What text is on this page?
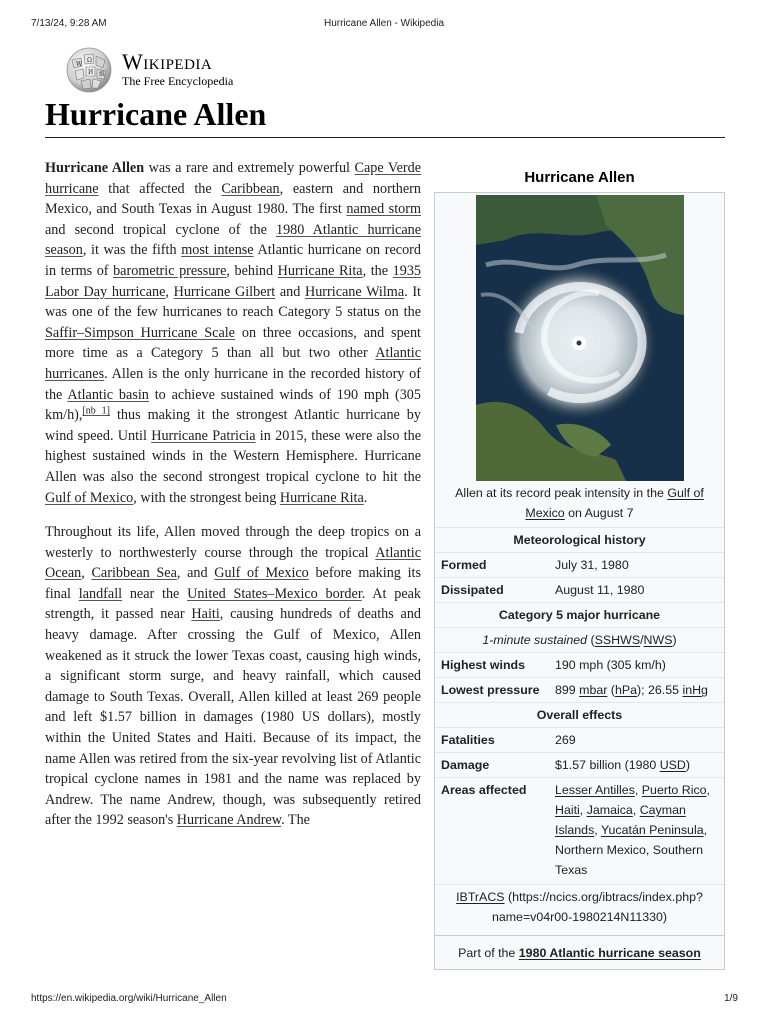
7/13/24, 9:28 AM	Hurricane Allen - Wikipedia
W
Ω
И 維
Wikipedia
The Free Encyclopedia
Hurricane Allen

Hurricane Allen was a rare and extremely powerful Cape Verde hurricane that affected the Caribbean, eastern and northern Mexico, and South Texas in August 1980. The first named storm and second tropical cyclone of the 1980 Atlantic hurricane season, it was the fifth most intense Atlantic hurricane on record in terms of barometric pressure, behind Hurricane Rita, the 1935 Labor Day hurricane, Hurricane Gilbert and Hurricane Wilma. It was one of the few hurricanes to reach Category 5 status on the Saffir–Simpson Hurricane Scale on three occasions, and spent more time as a Category 5 than all but two other Atlantic hurricanes. Allen is the only hurricane in the recorded history of the Atlantic basin to achieve sustained winds of 190 mph (305 km/h),[nb 1] thus making it the strongest Atlantic hurricane by wind speed. Until Hurricane Patricia in 2015, these were also the highest sustained winds in the Western Hemisphere. Hurricane Allen was also the second strongest tropical cyclone to hit the Gulf of Mexico, with the strongest being Hurricane Rita.

Throughout its life, Allen moved through the deep tropics on a westerly to northwesterly course through the tropical Atlantic Ocean, Caribbean Sea, and Gulf of Mexico before making its final landfall near the United States–Mexico border. At peak strength, it passed near Haiti, causing hundreds of deaths and heavy damage. After crossing the Gulf of Mexico, Allen weakened as it struck the lower Texas coast, causing high winds, a significant storm surge, and heavy rainfall, which caused damage to South Texas. Overall, Allen killed at least 269 people and left $1.57 billion in damages (1980 US dollars), mostly within the United States and Haiti. Because of its impact, the name Allen was retired from the six-year revolving list of Atlantic tropical cyclone names in 1981 and the name was replaced by Andrew. The name Andrew, though, was subsequently retired after the 1992 season's Hurricane Andrew. The

Hurricane Allen
Allen at its record peak intensity in the Gulf of Mexico on August 7
Meteorological history
Formed	July 31, 1980
Dissipated	August 11, 1980
Category 5 major hurricane
1-minute sustained (SSHWS/NWS)
Highest winds	190 mph (305 km/h)
Lowest pressure	899 mbar (hPa); 26.55 inHg
Overall effects
Fatalities	269
Damage	$1.57 billion (1980 USD)
Areas affected	Lesser Antilles, Puerto Rico, Haiti, Jamaica, Cayman Islands, Yucatán Peninsula, Northern Mexico, Southern Texas
IBTrACS (https://ncics.org/ibtracs/index.php?name=v04r00-1980214N11330)
Part of the 1980 Atlantic hurricane season
https://en.wikipedia.org/wiki/Hurricane_Allen	1/9
